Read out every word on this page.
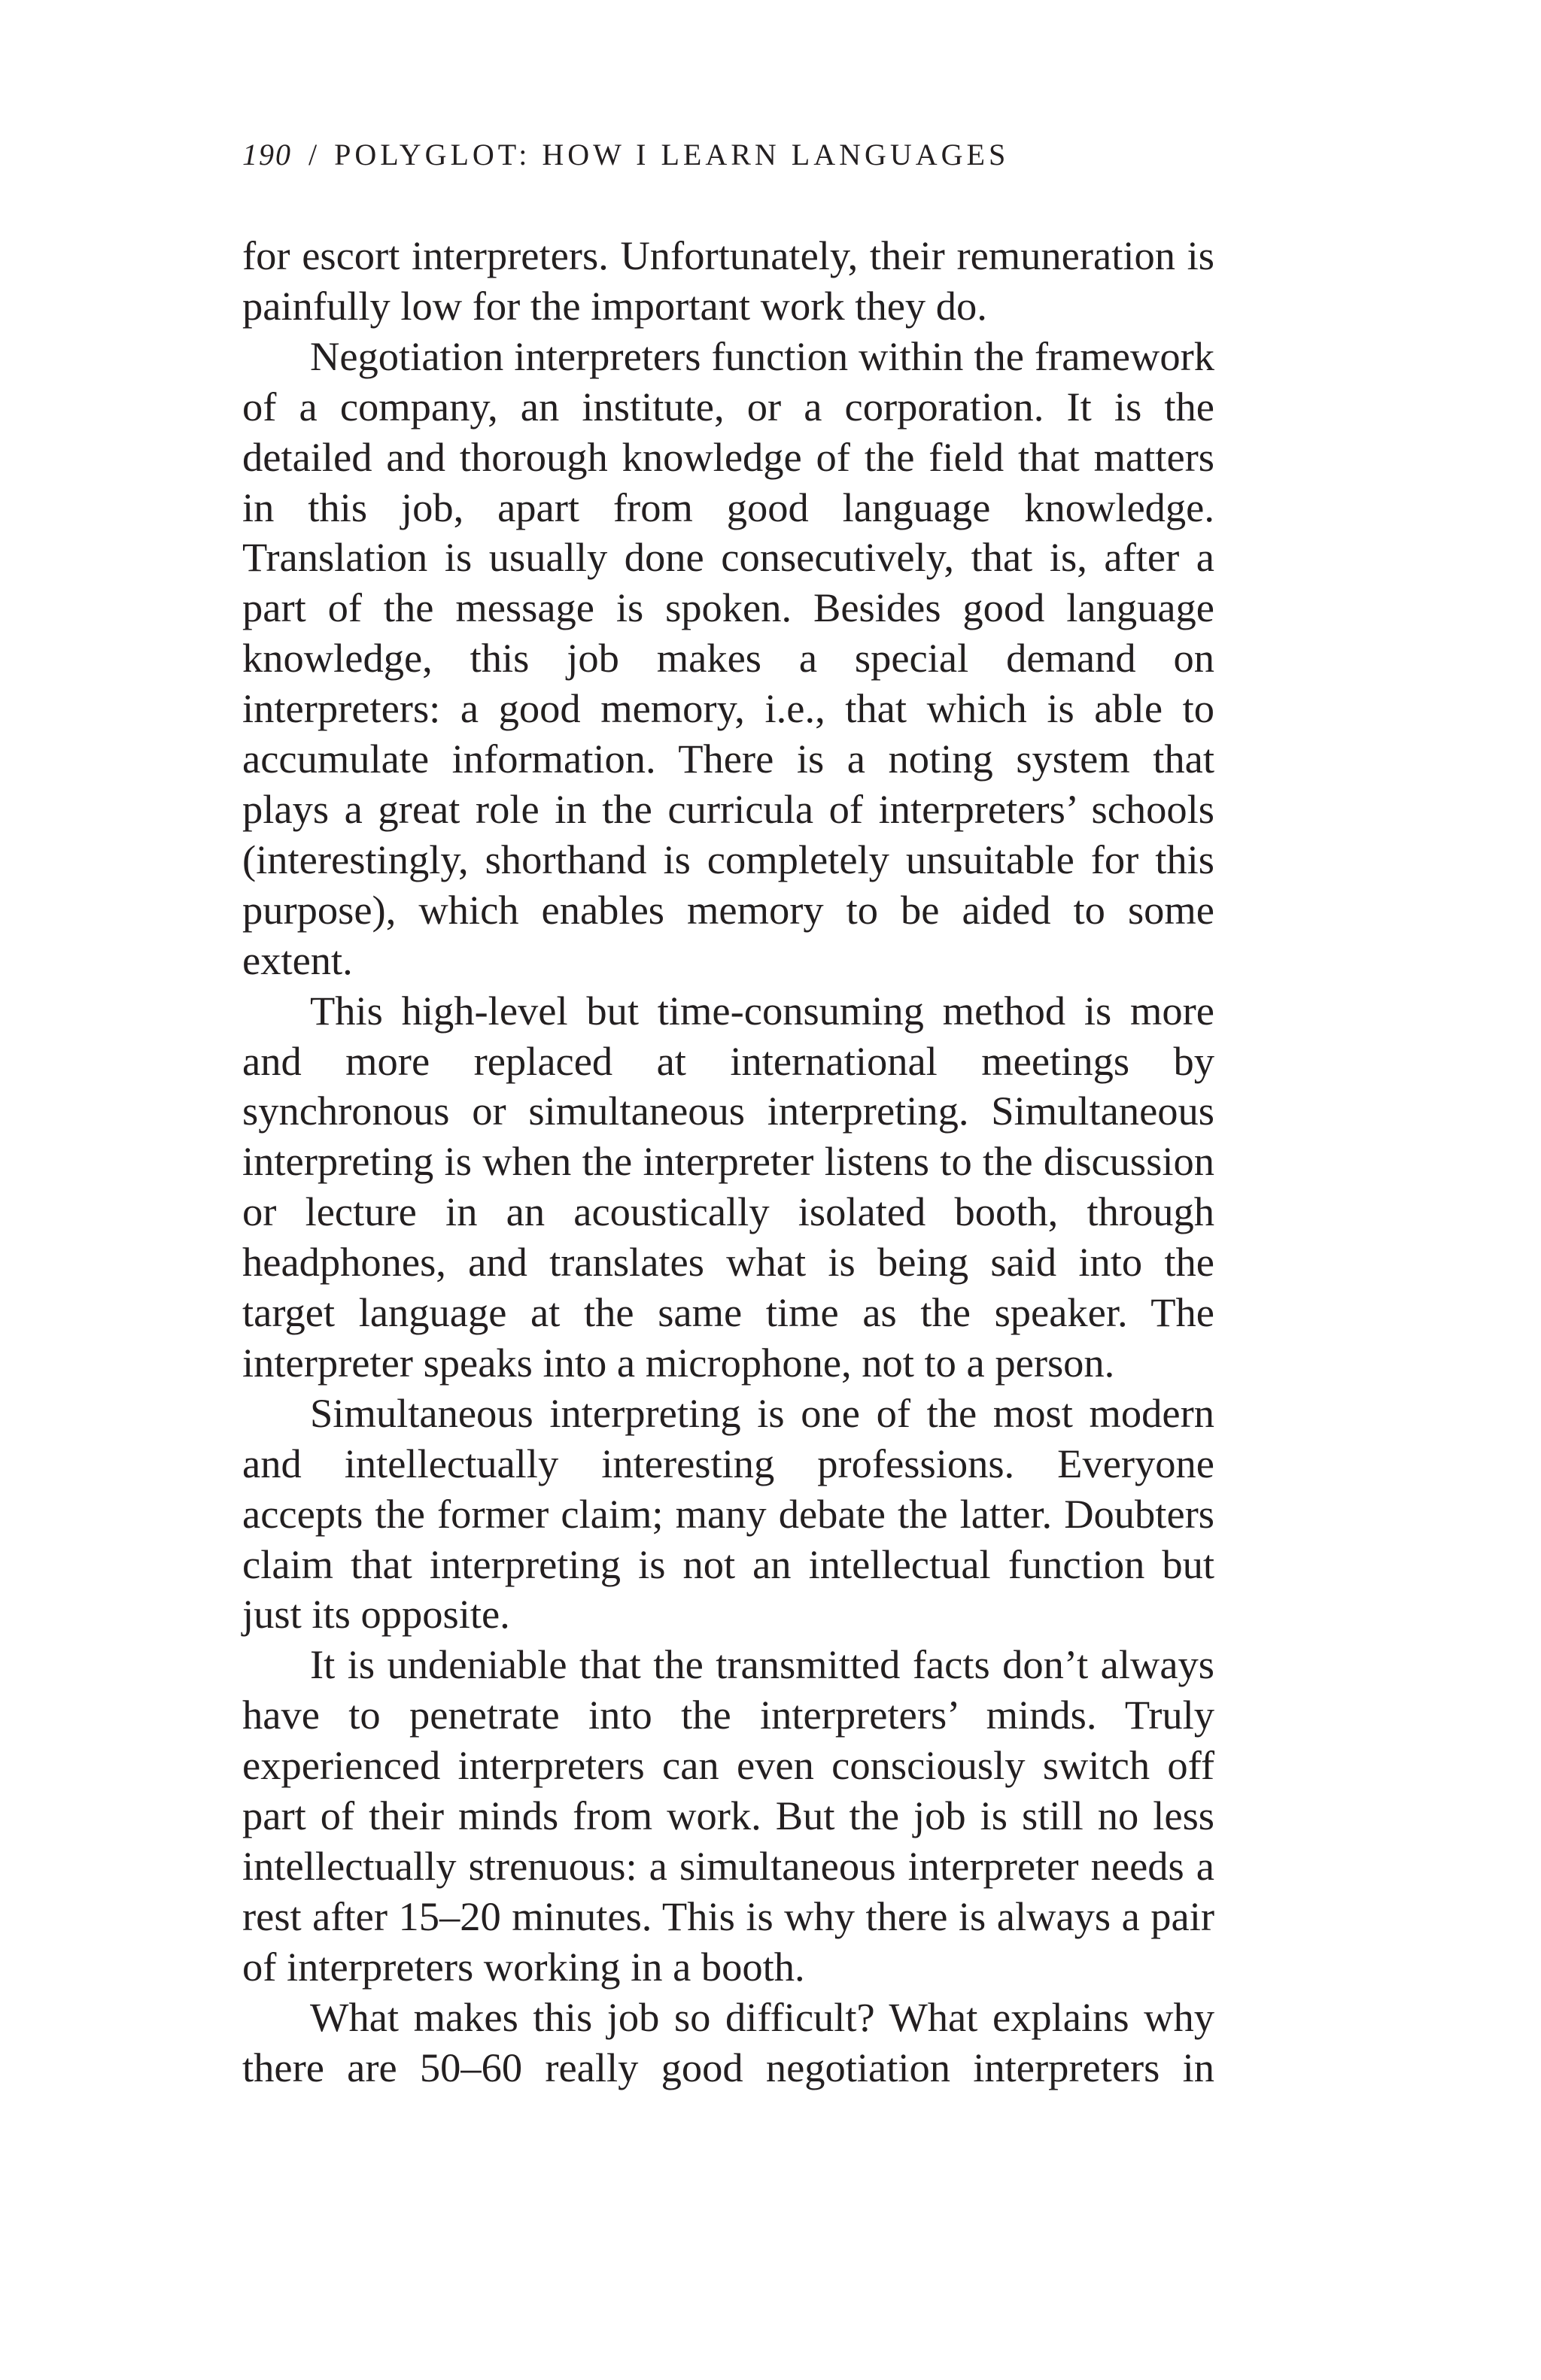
190 / POLYGLOT: HOW I LEARN LANGUAGES

for escort interpreters. Unfortunately, their remuneration is painfully low for the important work they do.

Negotiation interpreters function within the framework of a company, an institute, or a corporation. It is the detailed and thorough knowledge of the field that matters in this job, apart from good language knowledge. Translation is usually done consecutively, that is, after a part of the message is spoken. Besides good language knowledge, this job makes a special demand on interpreters: a good memory, i.e., that which is able to accumulate information. There is a noting system that plays a great role in the curricula of interpreters’ schools (interestingly, shorthand is completely unsuitable for this purpose), which enables memory to be aided to some extent.

This high-level but time-consuming method is more and more replaced at international meetings by synchronous or simultaneous interpreting. Simultaneous interpreting is when the interpreter listens to the discussion or lecture in an acoustically isolated booth, through headphones, and translates what is being said into the target language at the same time as the speaker. The interpreter speaks into a microphone, not to a person.

Simultaneous interpreting is one of the most modern and intellectually interesting professions. Everyone accepts the former claim; many debate the latter. Doubters claim that interpreting is not an intellectual function but just its opposite.

It is undeniable that the transmitted facts don’t always have to penetrate into the interpreters’ minds. Truly experienced interpreters can even consciously switch off part of their minds from work. But the job is still no less intellectually strenuous: a simultaneous interpreter needs a rest after 15–20 minutes. This is why there is always a pair of interpreters working in a booth.

What makes this job so difficult? What explains why there are 50–60 really good negotiation interpreters in
